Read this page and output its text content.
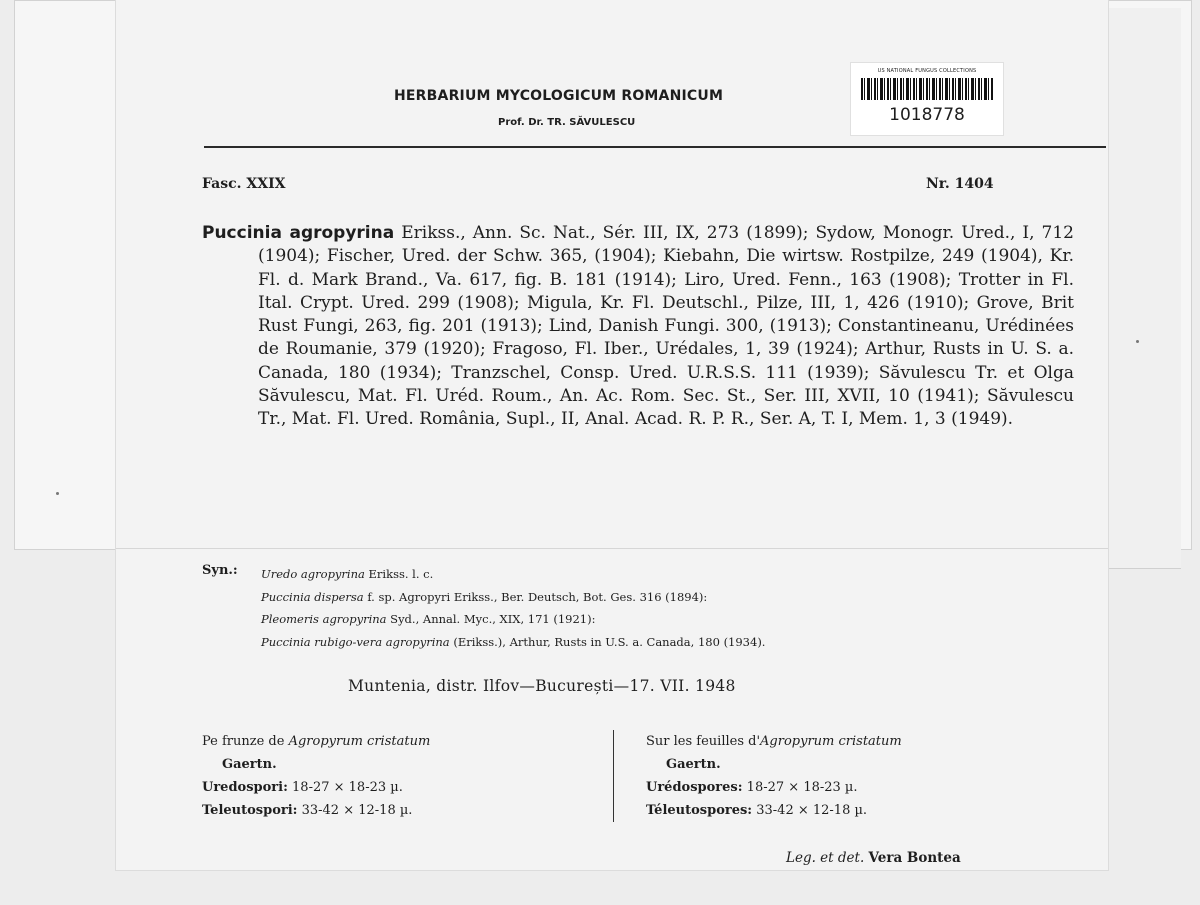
HERBARIUM MYCOLOGICUM ROMANICUM
Prof. Dr. TR. SĂVULESCU
US NATIONAL FUNGUS COLLECTIONS
1018778
Fasc. XXIX	Nr. 1404
Puccinia agropyrina Erikss., Ann. Sc. Nat., Sér. III, IX, 273 (1899); Sydow, Monogr. Ured., I, 712 (1904); Fischer, Ured. der Schw. 365, (1904); Kiebahn, Die wirtsw. Rostpilze, 249 (1904), Kr. Fl. d. Mark Brand., Va. 617, fig. B. 181 (1914); Liro, Ured. Fenn., 163 (1908); Trotter in Fl. Ital. Crypt. Ured. 299 (1908); Migula, Kr. Fl. Deutschl., Pilze, III, 1, 426 (1910); Grove, Brit Rust Fungi, 263, fig. 201 (1913); Lind, Danish Fungi. 300, (1913); Constantineanu, Urédinées de Roumanie, 379 (1920); Fragoso, Fl. Iber., Urédales, 1, 39 (1924); Arthur, Rusts in U. S. a. Canada, 180 (1934); Tranzschel, Consp. Ured. U.R.S.S. 111 (1939); Săvulescu Tr. et Olga Săvulescu, Mat. Fl. Uréd. Roum., An. Ac. Rom. Sec. St., Ser. III, XVII, 10 (1941); Săvulescu Tr., Mat. Fl. Ured. România, Supl., II, Anal. Acad. R. P. R., Ser. A, T. I, Mem. 1, 3 (1949).
Syn.: Uredo agropyrina Erikss. l. c.
Puccinia dispersa f. sp. Agropyri Erikss., Ber. Deutsch, Bot. Ges. 316 (1894):
Pleomeris agropyrina Syd., Annal. Myc., XIX, 171 (1921):
Puccinia rubigo-vera agropyrina (Erikss.), Arthur, Rusts in U.S. a. Canada, 180 (1934).
Muntenia, distr. Ilfov—București—17. VII. 1948
Pe frunze de Agropyrum cristatum
Gaertn.
Uredospori: 18-27 × 18-23 µ.
Teleutospori: 33-42 × 12-18 µ.
Sur les feuilles d'Agropyrum cristatum
Gaertn.
Urédospores: 18-27 × 18-23 µ.
Téleutospores: 33-42 × 12-18 µ.
Leg. et det. Vera Bontea
